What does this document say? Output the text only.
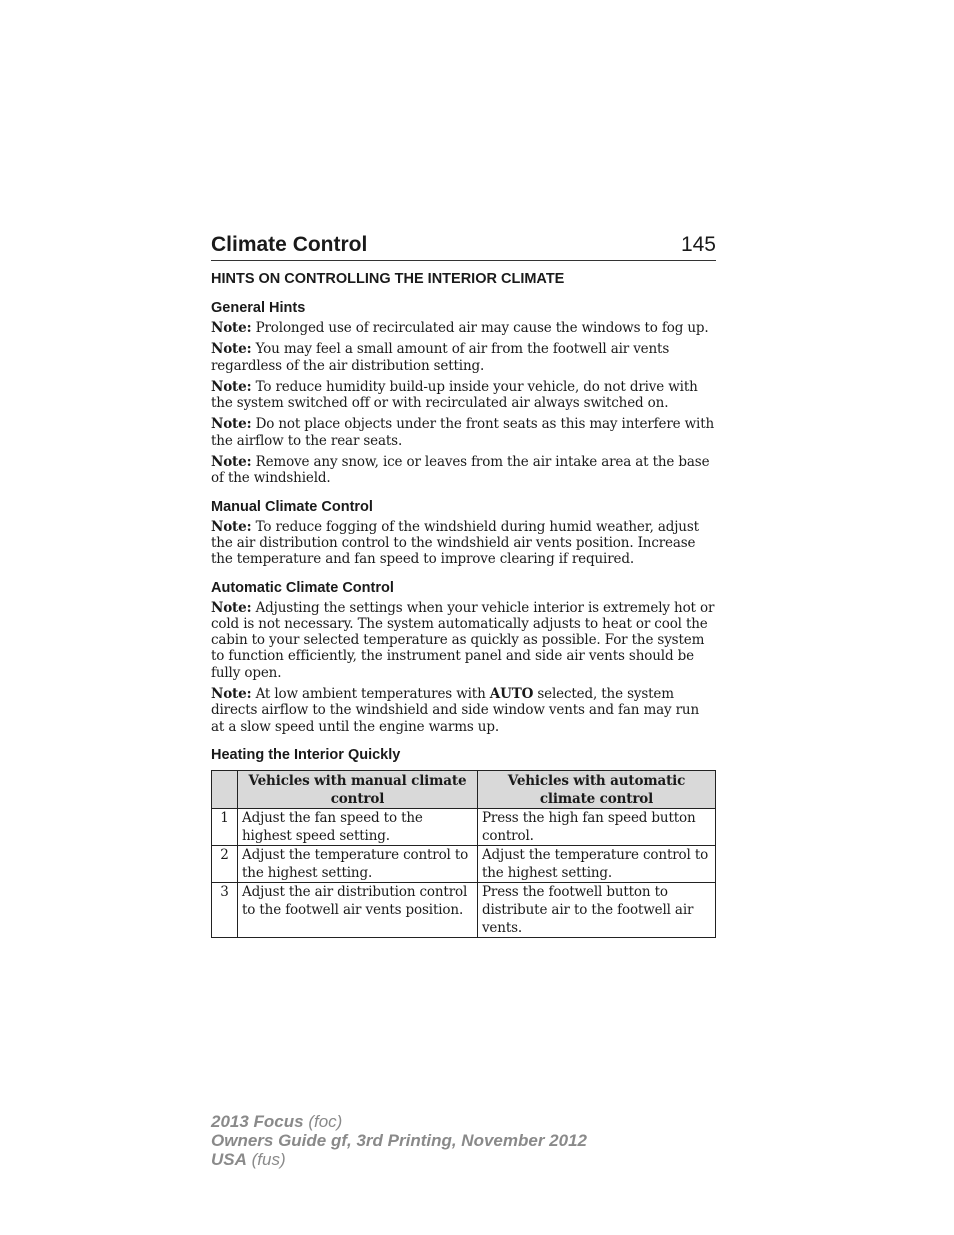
Climate Control	145
HINTS ON CONTROLLING THE INTERIOR CLIMATE
General Hints

Note: Prolonged use of recirculated air may cause the windows to fog up.

Note: You may feel a small amount of air from the footwell air vents regardless of the air distribution setting.

Note: To reduce humidity build-up inside your vehicle, do not drive with the system switched off or with recirculated air always switched on.

Note: Do not place objects under the front seats as this may interfere with the airflow to the rear seats.

Note: Remove any snow, ice or leaves from the air intake area at the base of the windshield.

Manual Climate Control

Note: To reduce fogging of the windshield during humid weather, adjust the air distribution control to the windshield air vents position. Increase the temperature and fan speed to improve clearing if required.

Automatic Climate Control

Note: Adjusting the settings when your vehicle interior is extremely hot or cold is not necessary. The system automatically adjusts to heat or cool the cabin to your selected temperature as quickly as possible. For the system to function efficiently, the instrument panel and side air vents should be fully open.

Note: At low ambient temperatures with AUTO selected, the system directs airflow to the windshield and side window vents and fan may run at a slow speed until the engine warms up.

Heating the Interior Quickly
	Vehicles with manual climate control	Vehicles with automatic climate control
1	Adjust the fan speed to the highest speed setting.	Press the high fan speed button control.
2	Adjust the temperature control to the highest setting.	Adjust the temperature control to the highest setting.
3	Adjust the air distribution control to the footwell air vents position.	Press the footwell button to distribute air to the footwell air vents.
2013 Focus (foc)
Owners Guide gf, 3rd Printing, November 2012
USA (fus)
